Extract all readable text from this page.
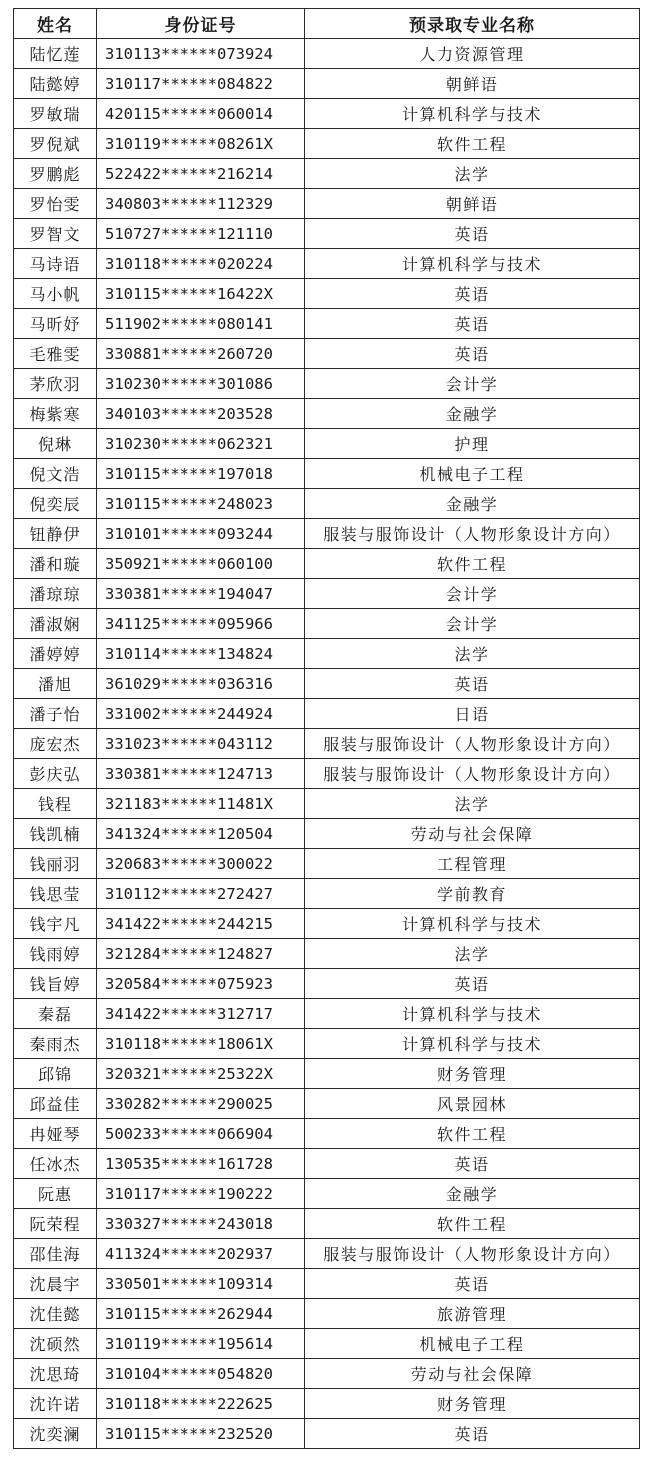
姓名	身份证号	预录取专业名称
陆忆莲	310113******073924	人力资源管理
陆懿婷	310117******084822	朝鲜语
罗敏瑞	420115******060014	计算机科学与技术
罗倪斌	310119******08261X	软件工程
罗鹏彪	522422******216214	法学
罗怡雯	340803******112329	朝鲜语
罗智文	510727******121110	英语
马诗语	310118******020224	计算机科学与技术
马小帆	310115******16422X	英语
马昕妤	511902******080141	英语
毛雅雯	330881******260720	英语
茅欣羽	310230******301086	会计学
梅紫寒	340103******203528	金融学
倪琳	310230******062321	护理
倪文浩	310115******197018	机械电子工程
倪奕辰	310115******248023	金融学
钮静伊	310101******093244	服装与服饰设计（人物形象设计方向）
潘和璇	350921******060100	软件工程
潘琼琼	330381******194047	会计学
潘淑娴	341125******095966	会计学
潘婷婷	310114******134824	法学
潘旭	361029******036316	英语
潘子怡	331002******244924	日语
庞宏杰	331023******043112	服装与服饰设计（人物形象设计方向）
彭庆弘	330381******124713	服装与服饰设计（人物形象设计方向）
钱程	321183******11481X	法学
钱凯楠	341324******120504	劳动与社会保障
钱丽羽	320683******300022	工程管理
钱思莹	310112******272427	学前教育
钱宇凡	341422******244215	计算机科学与技术
钱雨婷	321284******124827	法学
钱旨婷	320584******075923	英语
秦磊	341422******312717	计算机科学与技术
秦雨杰	310118******18061X	计算机科学与技术
邱锦	320321******25322X	财务管理
邱益佳	330282******290025	风景园林
冉娅琴	500233******066904	软件工程
任冰杰	130535******161728	英语
阮惠	310117******190222	金融学
阮荣程	330327******243018	软件工程
邵佳海	411324******202937	服装与服饰设计（人物形象设计方向）
沈晨宇	330501******109314	英语
沈佳懿	310115******262944	旅游管理
沈硕然	310119******195614	机械电子工程
沈思琦	310104******054820	劳动与社会保障
沈许诺	310118******222625	财务管理
沈奕澜	310115******232520	英语
